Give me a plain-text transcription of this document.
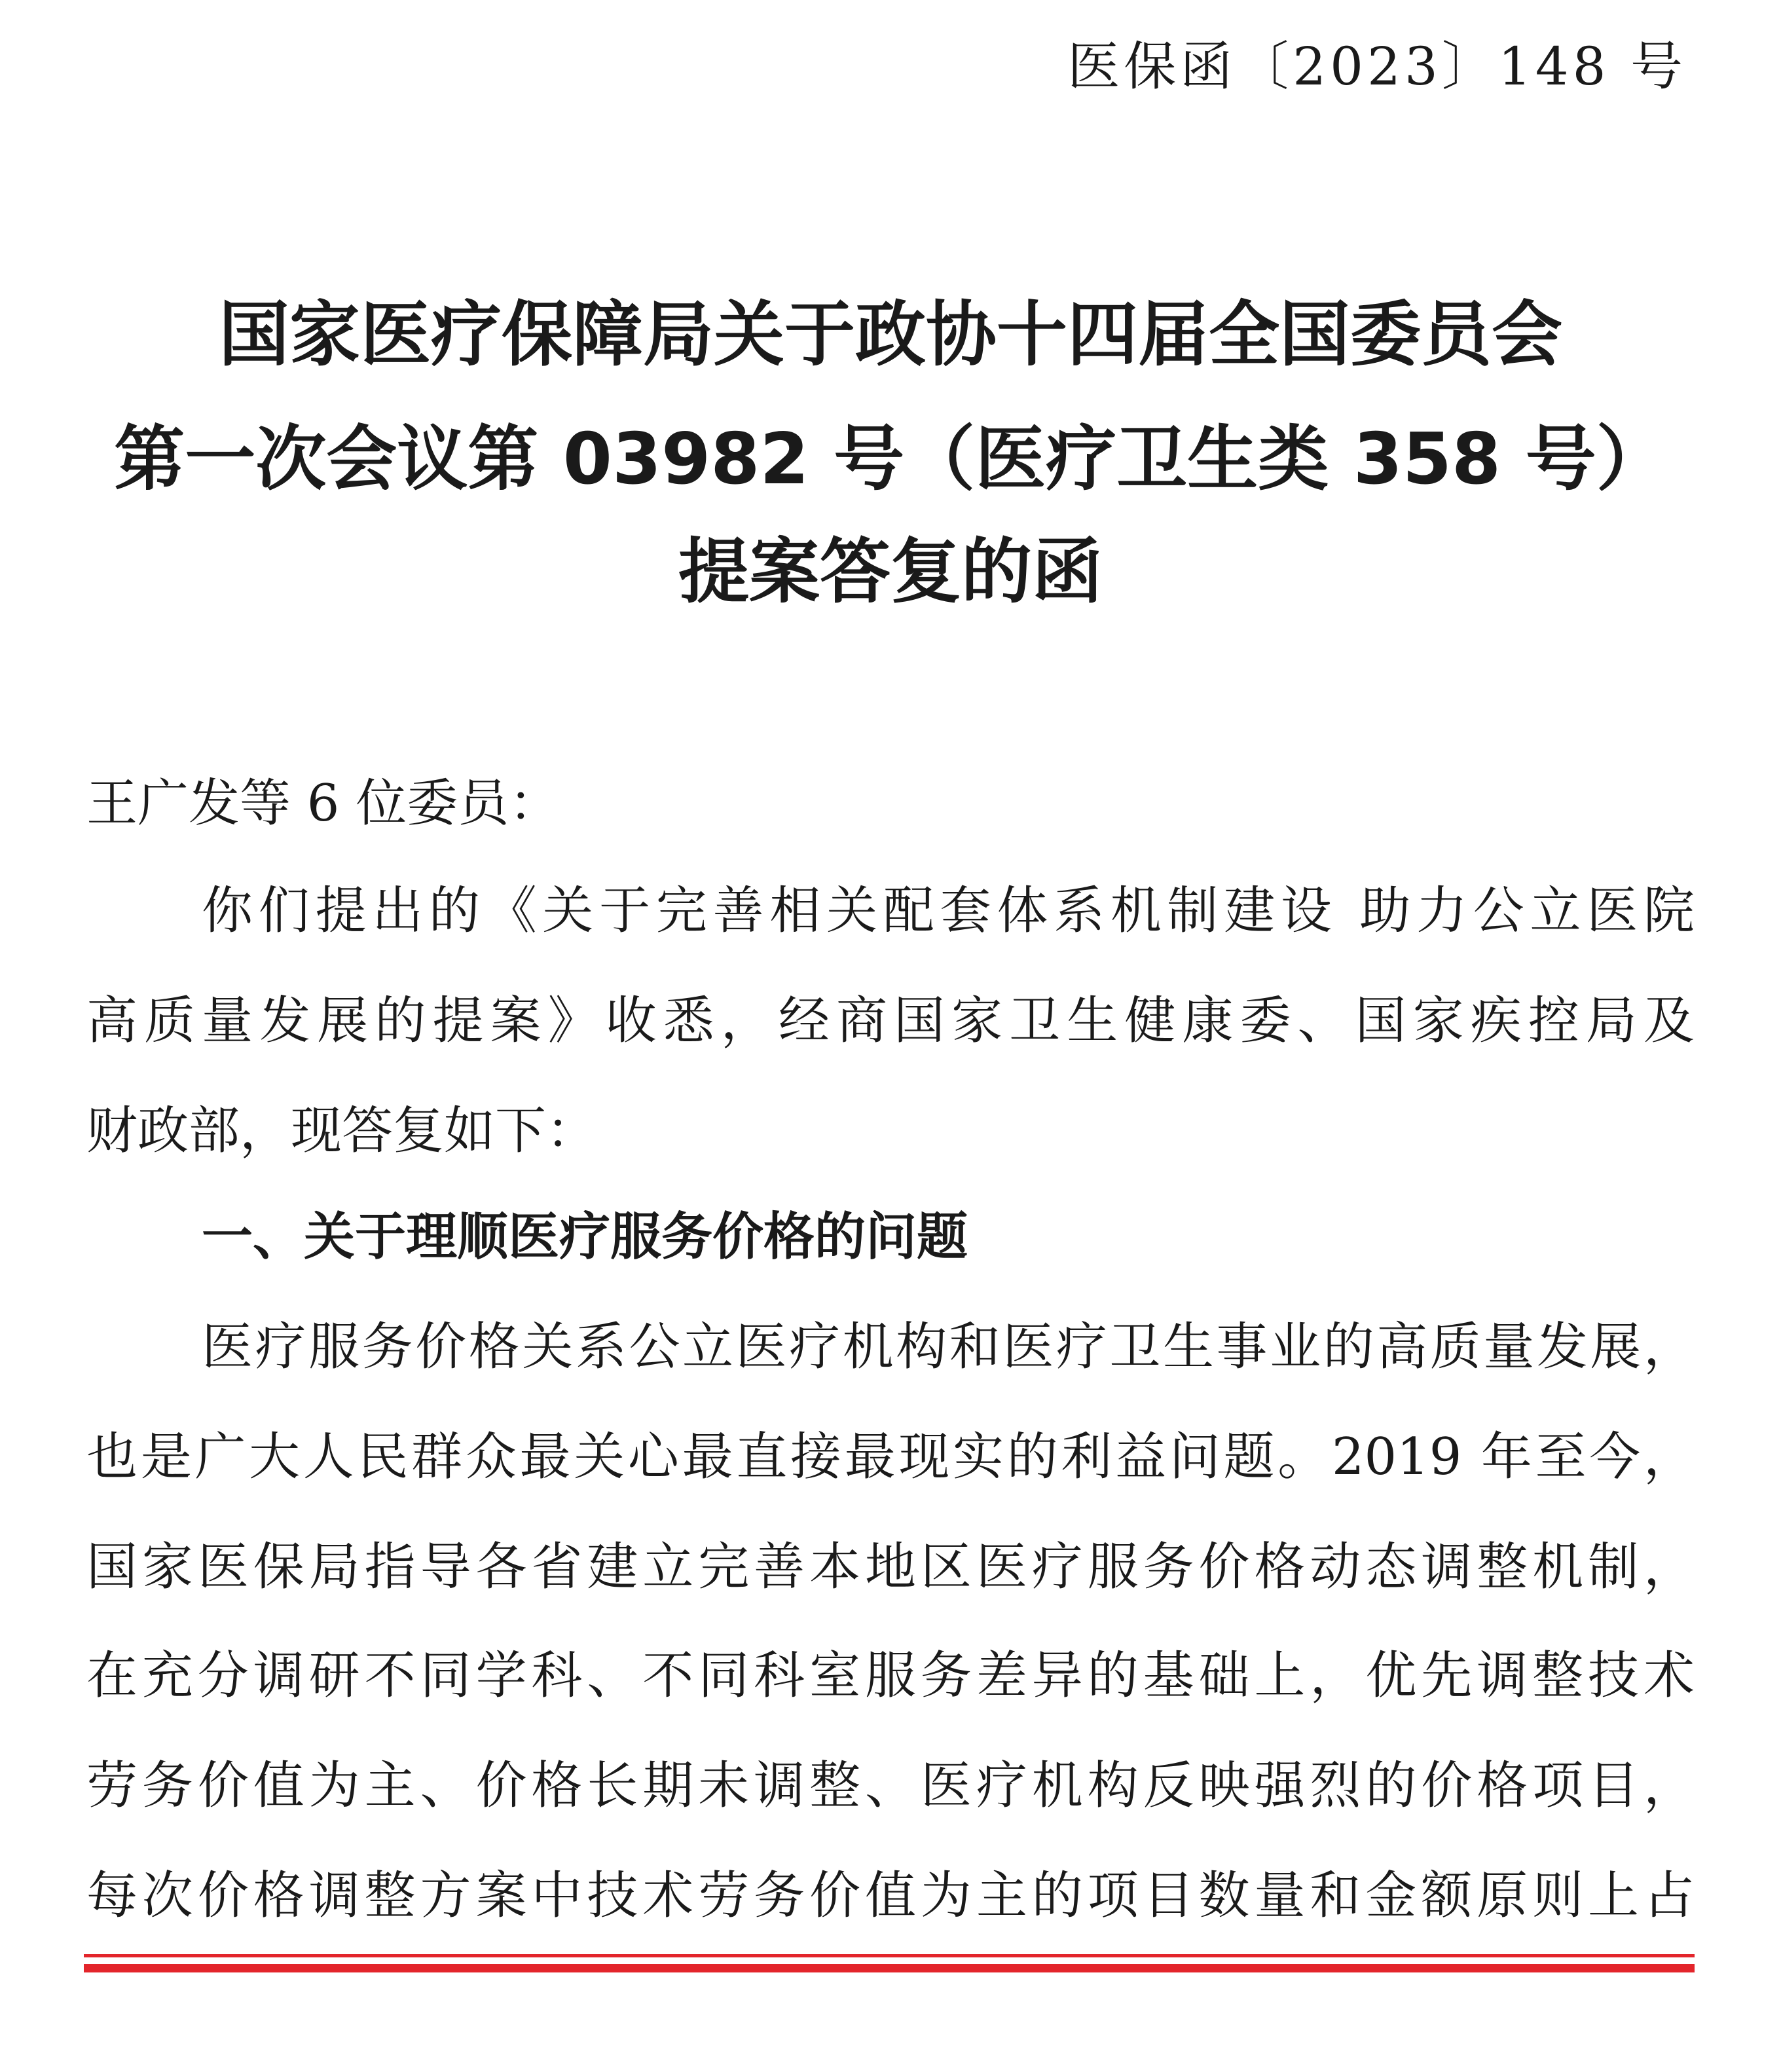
医保函〔2023〕148 号
国家医疗保障局关于政协十四届全国委员会
第一次会议第 03982 号（医疗卫生类 358 号）
提案答复的函
王广发等 6 位委员：
你们提出的《关于完善相关配套体系机制建设 助力公立医院
高质量发展的提案》收悉，经商国家卫生健康委、国家疾控局及
财政部，现答复如下：
一、关于理顺医疗服务价格的问题
医疗服务价格关系公立医疗机构和医疗卫生事业的高质量发展，
也是广大人民群众最关心最直接最现实的利益问题。2019 年至今，
国家医保局指导各省建立完善本地区医疗服务价格动态调整机制，
在充分调研不同学科、不同科室服务差异的基础上，优先调整技术
劳务价值为主、价格长期未调整、医疗机构反映强烈的价格项目，
每次价格调整方案中技术劳务价值为主的项目数量和金额原则上占
